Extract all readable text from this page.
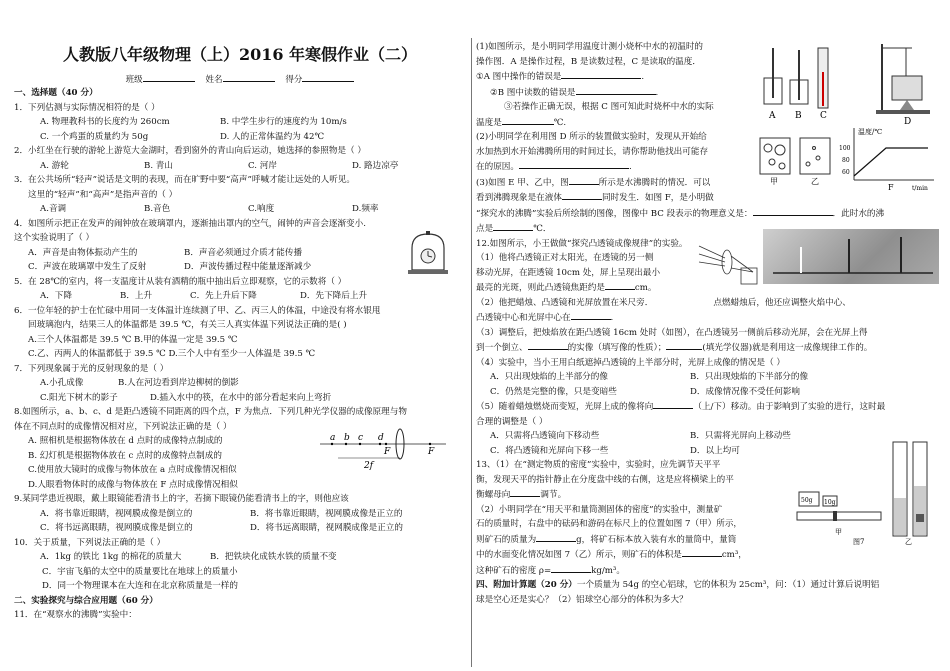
人教版八年级物理（上）2016 年寒假作业（二）
班级	姓名	得分
一、选择题（40 分）
1．下列估测与实际情况相符的是（ ）
A. 物理教科书的长度约为 260cm	B. 中学生步行的速度约为 10m/s
C. 一个鸡蛋的质量约为 50g	D. 人的正常体温约为 42℃
2．小红坐在行驶的游轮上游览大金湖时，看到窗外的青山向后运动，她选择的参照物是（ ）
A. 游轮	B. 青山	C. 河岸	D. 路边凉亭
3．在公共场所“轻声”说话是文明的表现，而在旷野中要“高声”呼喊才能让远处的人听见。
这里的“轻声”和“高声”是指声音的（ ）
A.音调	B.音色	C.响度	D.频率
4．如图所示把正在发声的闹钟放在玻璃罩内，逐渐抽出罩内的空气，闹钟的声音会逐渐变小.
这个实验说明了（ ）
A．声音是由物体振动产生的	B．声音必须通过介质才能传播
C．声波在玻璃罩中发生了反射	D．声波传播过程中能量逐渐减少
5．在 28℃的室内，将一支温度计从装有酒精的瓶中抽出后立即观察，它的示数将（ ）
A．下降	B．上升	C．先上升后下降	D．先下降后上升
6．一位年轻的护士在忙碌中用同一支体温计连续测了甲、乙、丙三人的体温，中途没有将水银甩
回玻璃泡内，结果三人的体温都是 39.5 ℃，有关三人真实体温下列说法正确的是( )
A.三个人体温都是 39.5 ℃ B.甲的体温一定是 39.5 ℃
C.乙、丙两人的体温都低于 39.5 ℃ D.三个人中有至少一人体温是 39.5 ℃
7．下列现象属于光的反射现象的是（ ）
A.小孔成像	B.人在河边看到岸边柳树的倒影
C.阳光下树木的影子	D.插入水中的筷，在水中的部分看起来向上弯折
8.如图所示，a、b、c、d 是距凸透镜不同距离的四个点，F 为焦点．下列几种光学仪器的成像原理与物
体在不同点时的成像情况相对应，下列说法正确的是（ ）
A. 照相机是根据物体放在 d 点时的成像特点制成的
B. 幻灯机是根据物体放在 c 点时的成像特点制成的
C.使用放大镜时的成像与物体放在 a 点时成像情况相似
D.人眼看物体时的成像与物体放在 F 点时成像情况相似
9.某同学患近视眼，戴上眼镜能看清书上的字，若摘下眼镜仍能看清书上的字，则他应该
A．将书靠近眼睛，视网膜成像是倒立的	B．将书靠近眼睛，视网膜成像是正立的
C．将书远离眼睛，视网膜成像是倒立的	D．将书远离眼睛，视网膜成像是正立的
10．关于质量，下列说法正确的是（ ）
A．1kg 的铁比 1kg 的棉花的质量大	B．把铁块化成铁水铁的质量不变
C．宇宙飞船的太空中的质量要比在地球上的质量小
D．同一个物理课本在大连和在北京称质量是一样的
二、实验探究与综合应用题（60 分）
11．在“观察水的沸腾”实验中：
a b c d
F	F
2f
(1)如图所示，是小明同学用温度计测小烧杯中水的初温时的
操作图．A 是操作过程，B 是读数过程，C 是读取的温度．
①A 图中操作的错误是	.
②B 图中读数的错误是	.
③若操作正确无误，根据 C 图可知此时烧杯中水的实际
温度是	℃.
(2)小明同学在利用图 D 所示的装置做实验时，发现从开始给
水加热到水开始沸腾所用的时间过长，请你帮助他找出可能存
在的原因。	.
(3)如图 E 甲、乙中，图	所示是水沸腾时的情况．可以
看到沸腾现象是在液体	同时发生．如图 F，是小明做
“探究水的沸腾”实验后所绘制的图像，图像中 BC 段表示的物理意义是：	．此时水的沸
点是	℃．
12.如图所示，小王做做“探究凸透镜成像规律”的实验。
（1）他将凸透镜正对太阳光，在透镜的另一侧
移动光屏，在距透镜 10cm 处，屏上呈现出最小
最亮的光斑，则此凸透镜焦距约是	cm。
（2）他把蜡烛、凸透镜和光屏放置在米尺旁．	点燃蜡烛后，他还应调整火焰中心、
凸透镜中心和光屏中心在	.
（3）调整后，把烛焰放在距凸透镜 16cm 处时（如图），在凸透镜另一侧前后移动光屏，会在光屏上得
到一个倒立、	的实像（填写像的性质）；	(填光学仪器)就是利用这一成像规律工作的。
（4）实验中，当小王用白纸遮掉凸透镜的上半部分时，光屏上成像的情况是（ ）
A．只出现烛焰的上半部分的像	B．只出现烛焰的下半部分的像
C．仍然是完整的像，只是变暗些	D．成像情况像不受任何影响
（5）随着蜡烛燃烧而变短，光屏上成的像将向	（上/下）移动。由于影响到了实验的进行，这时最
合理的调整是（ ）
A．只需将凸透镜向下移动些	B．只需将光屏向上移动些
C．将凸透镜和光屏向下移一些	D．以上均可
13、（1）在“测定物质的密度”实验中，实验时，应先调节天平平
衡，发现天平的指针静止在分度盘中线的右侧，这是应将横梁上的平
衡螺母向	调节。
（2）小明同学在“用天平和量筒测固体的密度”的实验中，测量矿
石的质量时，右盘中的砝码和游码在标尺上的位置如图 7（甲）所示，
则矿石的质量为	g，将矿石标本放入装有水的量筒中，量筒
中的水面变化情况如图 7（乙）所示，则矿石的体积是	cm³，
这种矿石的密度 ρ=	kg/m³。
四、附加计算题（20 分）一个质量为 54g 的空心铝球，它的体积为 25cm³，问：（1）通过计算后说明铝
球是空心还是实心？（2）铝球空心部分的体积为多大？
A B C
D
甲	乙
温度/℃
100
80
60
t/min
F
50g 10g
甲
图7	乙
